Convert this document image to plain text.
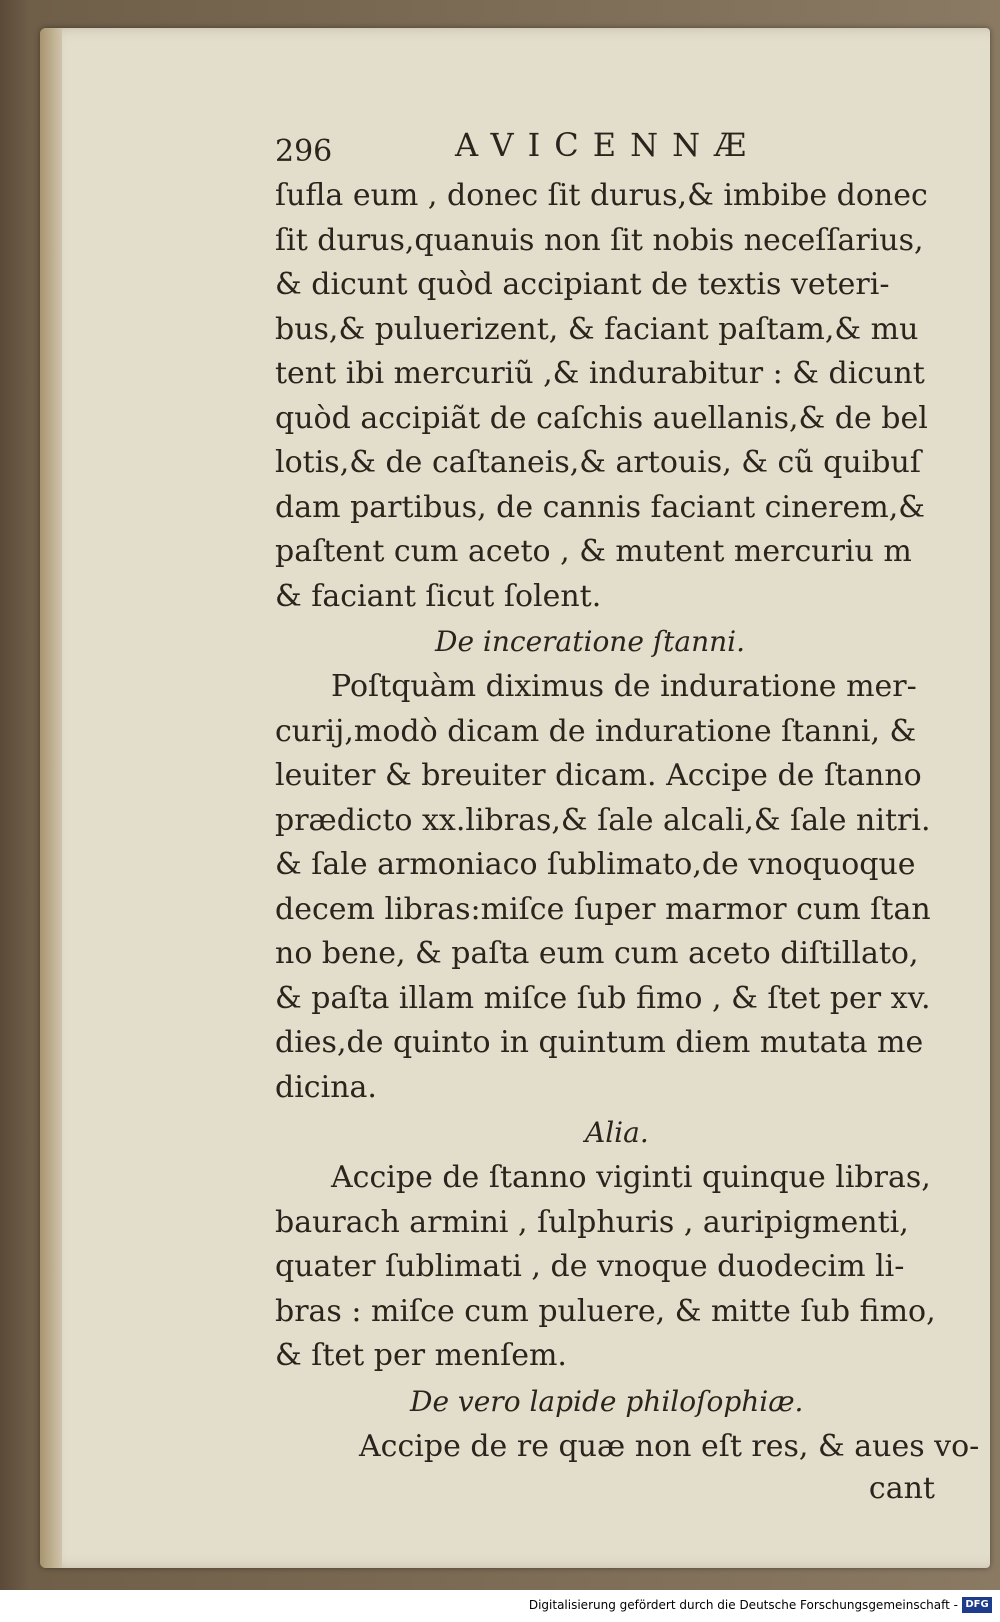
296	AVICENNÆ
ſufla eum , donec ſit durus,& imbibe donec
ſit durus,quanuis non ſit nobis neceſſarius,
& dicunt quòd accipiant de textis veteri-
bus,& puluerizent, & faciant paſtam,& mu
tent ibi mercuriũ ,& indurabitur : & dicunt
quòd accipiãt de caſchis auellanis,& de bel
lotis,& de caſtaneis,& artouis, & cũ quibuſ
dam partibus, de cannis faciant cinerem,&
paſtent cum aceto , & mutent mercuriu m
& faciant ſicut ſolent.
De inceratione ſtanni.
Poſtquàm diximus de induratione mer-
curij,modò dicam de induratione ſtanni, &
leuiter & breuiter dicam. Accipe de ſtanno
prædicto xx.libras,& ſale alcali,& ſale nitri.
& ſale armoniaco ſublimato,de vnoquoque
decem libras:miſce ſuper marmor cum ſtan
no bene, & paſta eum cum aceto diſtillato,
& paſta illam miſce ſub fimo , & ſtet per xv.
dies,de quinto in quintum diem mutata me
dicina.
Alia.
Accipe de ſtanno viginti quinque libras,
baurach armini , ſulphuris , auripigmenti,
quater ſublimati , de vnoque duodecim li-
bras : miſce cum puluere, & mitte ſub fimo,
& ſtet per menſem.
De vero lapide philoſophiæ.
Accipe de re quæ non eſt res, & aues vo-
cant
Digitalisierung gefördert durch die Deutsche Forschungsgemeinschaft - DFG
